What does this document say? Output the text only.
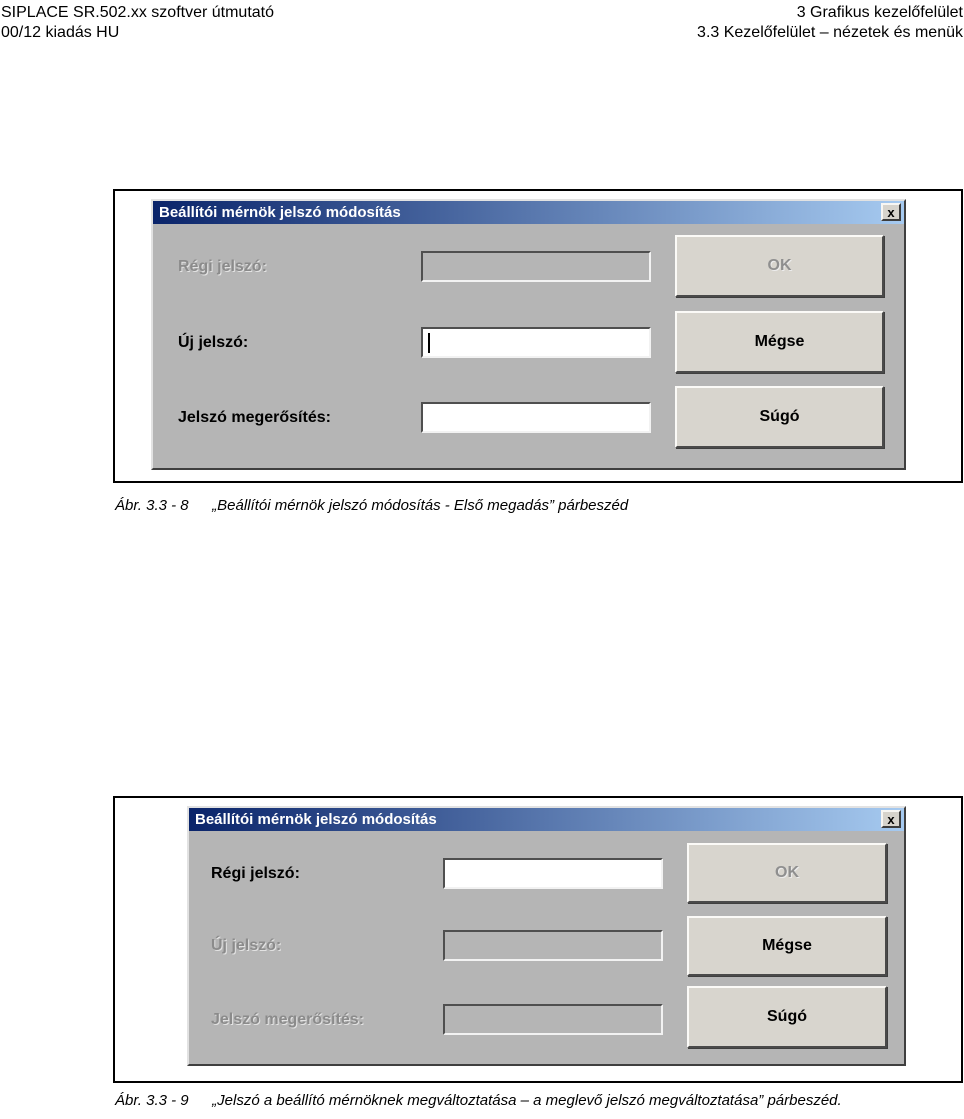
SIPLACE SR.502.xx szoftver útmutató
00/12 kiadás HU
3 Grafikus kezelőfelület
3.3 Kezelőfelület – nézetek és menük
Beállítói mérnök jelszó módosítás	x
Régi jelszó:
Új jelszó:
Jelszó megerősítés:
OK
Mégse
Súgó
Ábr. 3.3 - 8 „Beállítói mérnök jelszó módosítás - Első megadás” párbeszéd
Beállítói mérnök jelszó módosítás	x
Régi jelszó:
Új jelszó:
Jelszó megerősítés:
OK
Mégse
Súgó
Ábr. 3.3 - 9 „Jelszó a beállító mérnöknek megváltoztatása – a meglevő jelszó megváltoztatása” párbeszéd.
